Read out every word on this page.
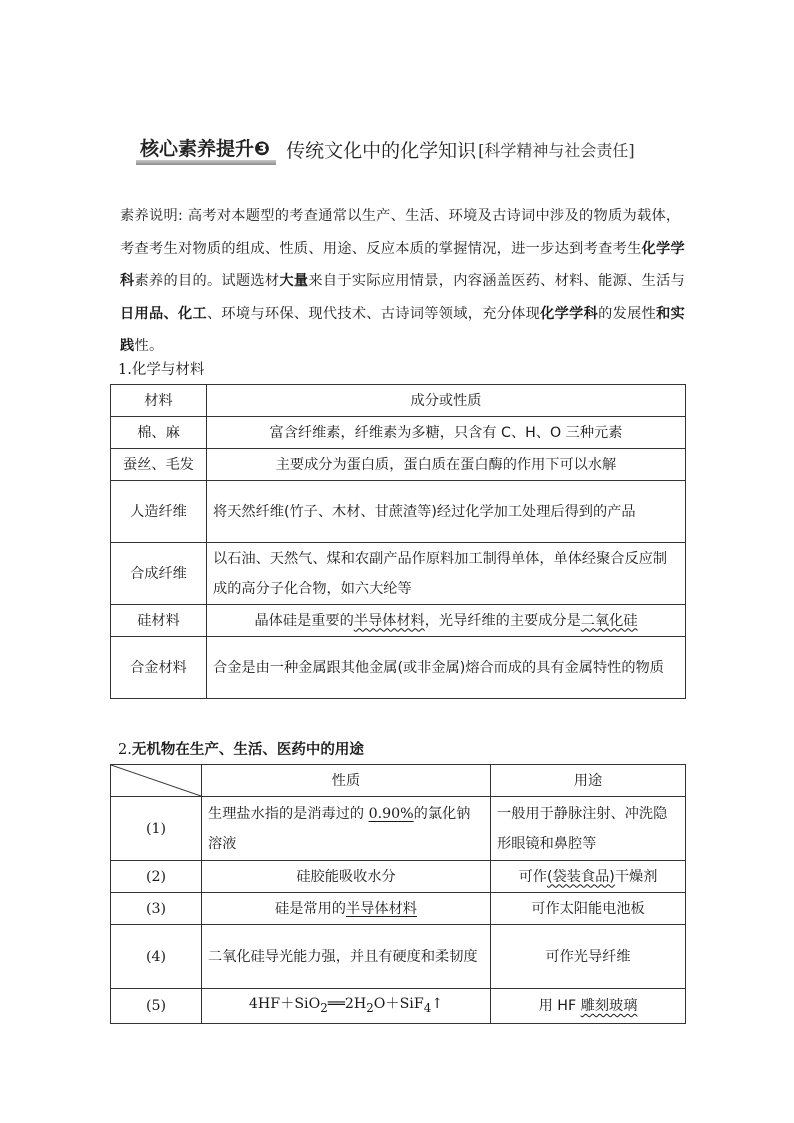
核心素养提升❸ 传统文化中的化学知识 [科学精神与社会责任]

素养说明: 高考对本题型的考查通常以生产、生活、环境及古诗词中涉及的物质为载体，考查考生对物质的组成、性质、用途、反应本质的掌握情况，进一步达到考查考生化学学科素养的目的。试题选材大量来自于实际应用情景，内容涵盖医药、材料、能源、生活与日用品、化工、环境与环保、现代技术、古诗词等领域，充分体现化学学科的发展性和实践性。

1.化学与材料
材料	成分或性质
棉、麻	富含纤维素，纤维素为多糖，只含有 C、H、O 三种元素
蚕丝、毛发	主要成分为蛋白质，蛋白质在蛋白酶的作用下可以水解
人造纤维	将天然纤维(竹子、木材、甘蔗渣等)经过化学加工处理后得到的产品
合成纤维	以石油、天然气、煤和农副产品作原料加工制得单体，单体经聚合反应制成的高分子化合物，如六大纶等
硅材料	晶体硅是重要的半导体材料，光导纤维的主要成分是二氧化硅
合金材料	合金是由一种金属跟其他金属(或非金属)熔合而成的具有金属特性的物质
2.无机物在生产、生活、医药中的用途
	性质	用途
(1)	生理盐水指的是消毒过的 0.90%的氯化钠溶液	一般用于静脉注射、冲洗隐形眼镜和鼻腔等
(2)	硅胶能吸收水分	可作(袋装食品)干燥剂
(3)	硅是常用的半导体材料	可作太阳能电池板
(4)	二氧化硅导光能力强，并且有硬度和柔韧度	可作光导纤维
(5)	$4HF+SiO_2══2H_2O+SiF_4↑$	用 HF 雕刻玻璃
